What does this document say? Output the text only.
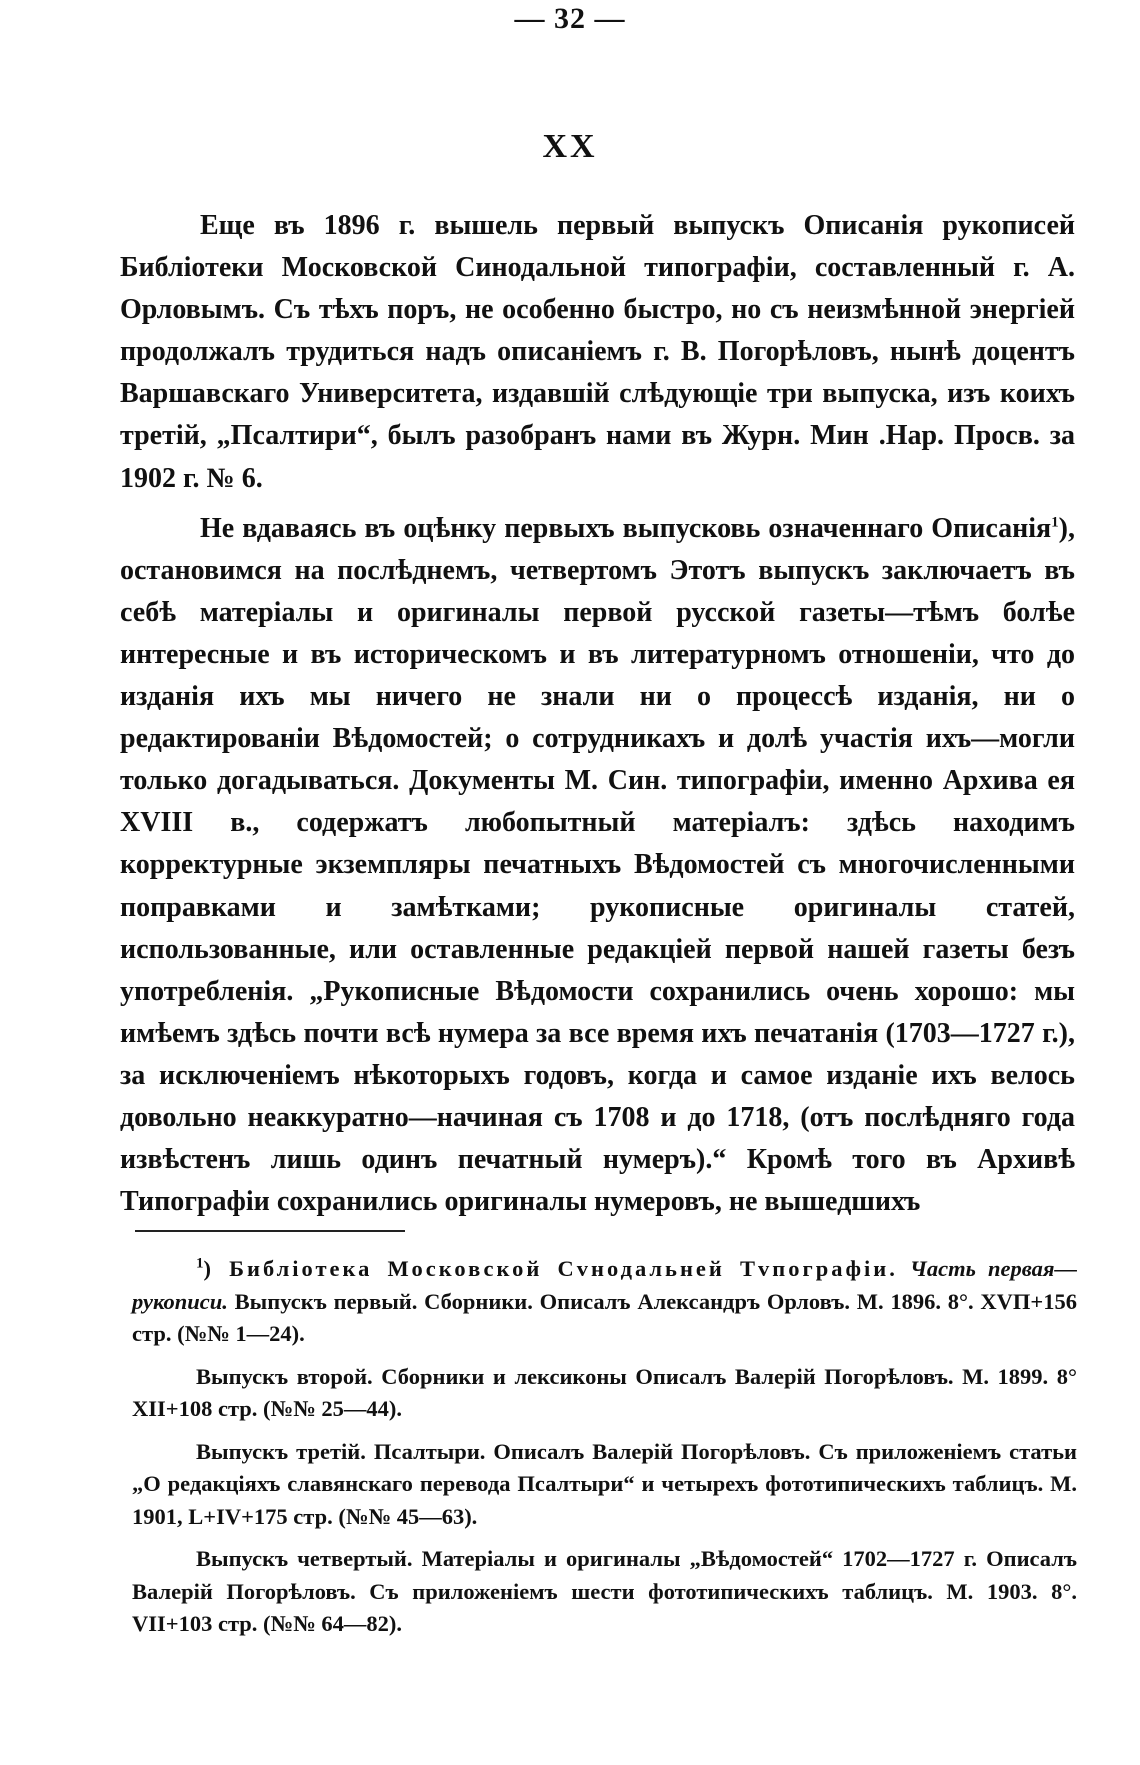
— 32 —
XX

Еще въ 1896 г. вышель первый выпускъ Описанія рукописей Библіотеки Московской Синодальной типографіи, составленный г. А. Орловымъ. Съ тѣхъ поръ, не особенно быстро, но съ неизмѣнной энергіей продолжалъ трудиться надъ описаніемъ г. В. Погорѣловъ, нынѣ доцентъ Варшавскаго Университета, издавшій слѣдующіе три выпуска, изъ коихъ третій, „Псалтири“, былъ разобранъ нами въ Журн. Мин .Нар. Просв. за 1902 г. № 6.

Не вдаваясь въ оцѣнку первыхъ выпусковь означеннаго Описанія$^1$), остановимся на послѣднемъ, четвертомъ Этотъ выпускъ заключаетъ въ себѣ матеріалы и оригиналы первой русской газеты—тѣмъ болѣе интересные и въ историческомъ и въ литературномъ отношеніи, что до изданія ихъ мы ничего не знали ни о процессѣ изданія, ни о редактированіи Вѣдомостей; о сотрудникахъ и долѣ участія ихъ—могли только догадываться. Документы М. Син. типографіи, именно Архива ея XVIII в., содержатъ любопытный матеріалъ: здѣсь находимъ корректурные экземпляры печатныхъ Вѣдомостей съ многочисленными поправками и замѣтками; рукописные оригиналы статей, использованные, или оставленные редакціей первой нашей газеты безъ употребленія. „Рукописные Вѣдомости сохранились очень хорошо: мы имѣемъ здѣсь почти всѣ нумера за все время ихъ печатанія (1703—1727 г.), за исключеніемъ нѣкоторыхъ годовъ, когда и самое изданіе ихъ велось довольно неаккуратно—начиная съ 1708 и до 1718, (отъ послѣдняго года извѣстенъ лишь одинъ печатный нумеръ).“ Кромѣ того въ Архивѣ Типографіи сохранились оригиналы нумеровъ, не вышедшихъ

$^1$) Библіотека Московской Сvнодальней Тvпографіи. Часть первая—рукописи. Выпускъ первый. Сборники. Описалъ Александръ Орловъ. М. 1896. 8°. XVП+156 стр. (№№ 1—24).

Выпускъ второй. Сборники и лексиконы Описалъ Валерій Погорѣловъ. М. 1899. 8° XII+108 стр. (№№ 25—44).

Выпускъ третій. Псалтыри. Описалъ Валерій Погорѣловъ. Съ приложеніемъ статьи „О редакціяхъ славянскаго перевода Псалтыри“ и четырехъ фототипическихъ таблицъ. М. 1901, L+IV+175 стр. (№№ 45—63).

Выпускъ четвертый. Матеріалы и оригиналы „Вѣдомостей“ 1702—1727 г. Описалъ Валерій Погорѣловъ. Съ приложеніемъ шести фототипическихъ таблицъ. М. 1903. 8°. VII+103 стр. (№№ 64—82).
